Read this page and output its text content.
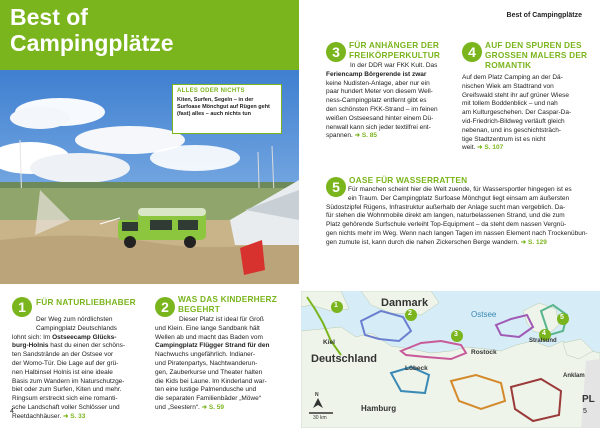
Best of
Campingplätze
ALLES ODER NICHTS
Kiten, Surfen, Segeln – in der Surfoase Mönchgut auf Rügen geht (fast) alles – auch nichts tun
1	FÜR NATURLIEBHABER
Der Weg zum nördlichsten
Campingplatz Deutschlands
lohnt sich: Im Ostseecamp Glücks-
burg-Holnis hast du einen der schöns-
ten Sandstrände an der Ostsee vor
der Womo-Tür. Die Lage auf der grü-
nen Halbinsel Holnis ist eine ideale
Basis zum Wandern im Naturschutzge-
biet oder zum Surfen, Kiten und mehr.
Ringsum erstreckt sich eine romanti-
sche Landschaft voller Schlösser und
Reetdachhäuser. ➜ S. 33
2	WAS DAS KINDERHERZ
BEGEHRT
Dieser Platz ist ideal für Groß
und Klein. Eine lange Sandbank hält
Wellen ab und macht das Baden vom
Campingplatz Flügger Strand für den
Nachwuchs ungefährlich. Indianer-
und Piratenpartys, Nachtwanderun-
gen, Zauberkurse und Theater halten
die Kids bei Laune. Im Kinderland war-
ten eine lustige Palmendusche und
die separaten Familienbäder „Möwe“
und „Seestern“. ➜ S. 59
4
Best of Campingplätze
3	FÜR ANHÄNGER DER
FREIKÖRPERKULTUR
In der DDR war FKK Kult. Das
Feriencamp Börgerende ist zwar
keine Nudisten-Anlage, aber nur ein
paar hundert Meter von diesem Well-
ness-Campingplatz entfernt gibt es
den schönsten FKK-Strand – im feinen
weißen Ostseesand hinter einem Dü-
nenwall kann sich jeder textilfrei ent-
spannen. ➜ S. 85
4	AUF DEN SPUREN DES
GROSSEN MALERS DER
ROMANTIK
Auf dem Platz Camping an der Dä-
nischen Wiek am Stadtrand von
Greifswald steht ihr auf grüner Wiese
mit tollem Boddenblick – und nah
am Kulturgeschehen. Der Caspar-Da-
vid-Friedrich-Bildweg verläuft gleich
nebenan, und ins geschichtsträch-
tige Stadtzentrum ist es nicht
weit. ➜ S. 107
5	OASE FÜR WASSERRATTEN
Für manchen scheint hier die Welt zuende, für Wassersportler hingegen ist es
ein Traum. Der Campingplatz Surfoase Mönchgut liegt einsam am äußersten
Südostzipfel Rügens, Infrastruktur außerhalb der Anlage sucht man vergeblich. Da-
für stehen die Wohnmobile direkt am langen, naturbelassenen Strand, und die zum
Platz gehörende Surfschule verleiht Top-Equipment – da steht dem nassen Vergnü-
gen nichts mehr im Weg. Wenn nach langen Tagen im nassen Element nach Trockenübun-
gen zumute ist, kann durch die nahen Zickerschen Berge wandern. ➜ S. 129
Danmark
Ostsee
Deutschland
Kiel
Lübeck
Rostock
Stralsund
Anklam
Hamburg
PL
30 km
N
1
2
3	4
5
5
